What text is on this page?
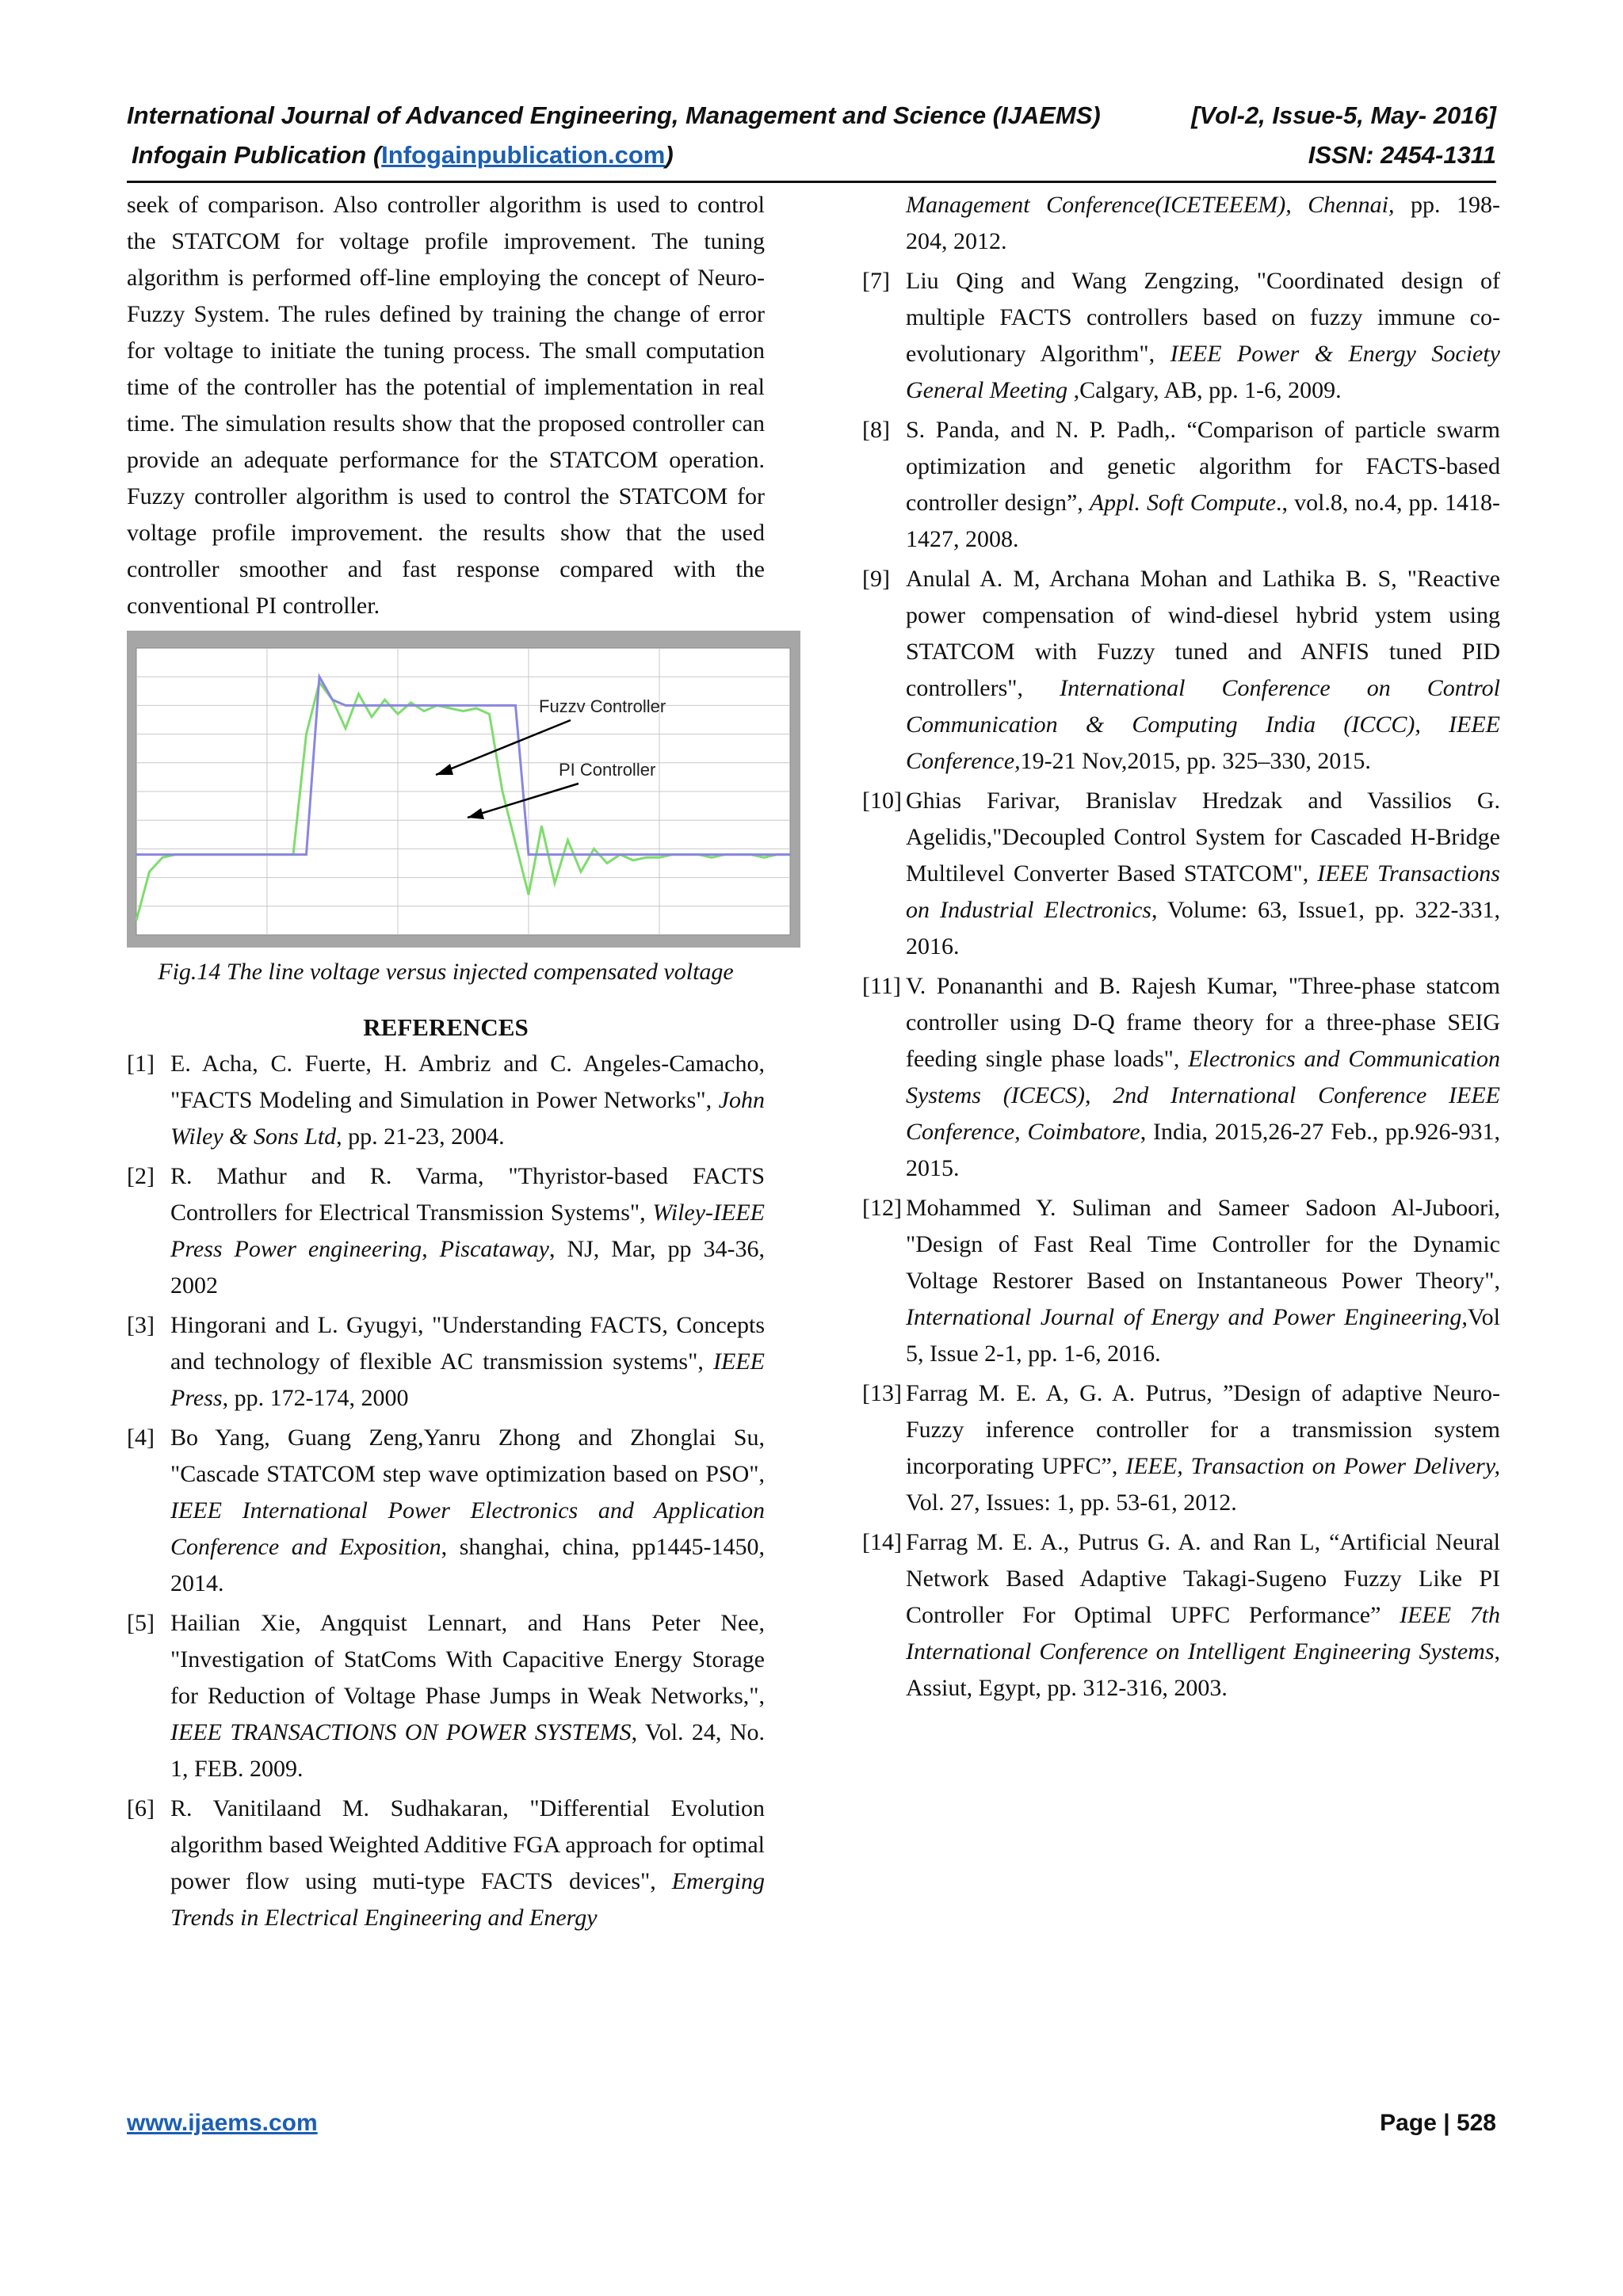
International Journal of Advanced Engineering, Management and Science (IJAEMS)	[Vol-2, Issue-5, May- 2016]
Infogain Publication (Infogainpublication.com)	ISSN: 2454-1311

seek of comparison. Also controller algorithm is used to control the STATCOM for voltage profile improvement. The tuning algorithm is performed off-line employing the concept of Neuro-Fuzzy System. The rules defined by training the change of error for voltage to initiate the tuning process. The small computation time of the controller has the potential of implementation in real time. The simulation results show that the proposed controller can provide an adequate performance for the STATCOM operation. Fuzzy controller algorithm is used to control the STATCOM for voltage profile improvement. the results show that the used controller smoother and fast response compared with the conventional PI controller.

Fuzzv Controller
PI Controller

Fig.14 The line voltage versus injected compensated voltage

REFERENCES

[1] E. Acha, C. Fuerte, H. Ambriz and C. Angeles-Camacho, "FACTS Modeling and Simulation in Power Networks", John Wiley & Sons Ltd, pp. 21-23, 2004.

[2] R. Mathur and R. Varma, "Thyristor-based FACTS Controllers for Electrical Transmission Systems", Wiley-IEEE Press Power engineering, Piscataway, NJ, Mar, pp 34-36, 2002

[3] Hingorani and L. Gyugyi, "Understanding FACTS, Concepts and technology of flexible AC transmission systems", IEEE Press, pp. 172-174, 2000

[4] Bo Yang, Guang Zeng,Yanru Zhong and Zhonglai Su, "Cascade STATCOM step wave optimization based on PSO", IEEE International Power Electronics and Application Conference and Exposition, shanghai, china, pp1445-1450, 2014.

[5] Hailian Xie, Angquist Lennart, and Hans Peter Nee, "Investigation of StatComs With Capacitive Energy Storage for Reduction of Voltage Phase Jumps in Weak Networks,", IEEE TRANSACTIONS ON POWER SYSTEMS, Vol. 24, No. 1, FEB. 2009.

[6] R. Vanitilaand M. Sudhakaran, "Differential Evolution algorithm based Weighted Additive FGA approach for optimal power flow using muti-type FACTS devices", Emerging Trends in Electrical Engineering and Energy

Management Conference(ICETEEEM), Chennai, pp. 198-204, 2012.

[7] Liu Qing and Wang Zengzing, "Coordinated design of multiple FACTS controllers based on fuzzy immune co-evolutionary Algorithm", IEEE Power & Energy Society General Meeting ,Calgary, AB, pp. 1-6, 2009.

[8] S. Panda, and N. P. Padh,. “Comparison of particle swarm optimization and genetic algorithm for FACTS-based controller design”, Appl. Soft Compute., vol.8, no.4, pp. 1418-1427, 2008.

[9] Anulal A. M, Archana Mohan and Lathika B. S, "Reactive power compensation of wind-diesel hybrid ystem using STATCOM with Fuzzy tuned and ANFIS tuned PID controllers", International Conference on Control Communication & Computing India (ICCC), IEEE Conference,19-21 Nov,2015, pp. 325–330, 2015.

[10] Ghias Farivar, Branislav Hredzak and Vassilios G. Agelidis,"Decoupled Control System for Cascaded H-Bridge Multilevel Converter Based STATCOM", IEEE Transactions on Industrial Electronics, Volume: 63, Issue1, pp. 322-331, 2016.

[11] V. Ponananthi and B. Rajesh Kumar, "Three-phase statcom controller using D-Q frame theory for a three-phase SEIG feeding single phase loads", Electronics and Communication Systems (ICECS), 2nd International Conference IEEE Conference, Coimbatore, India, 2015,26-27 Feb., pp.926-931, 2015.

[12] Mohammed Y. Suliman and Sameer Sadoon Al-Juboori, "Design of Fast Real Time Controller for the Dynamic Voltage Restorer Based on Instantaneous Power Theory", International Journal of Energy and Power Engineering,Vol 5, Issue 2-1, pp. 1-6, 2016.

[13] Farrag M. E. A, G. A. Putrus, ”Design of adaptive Neuro-Fuzzy inference controller for a transmission system incorporating UPFC”, IEEE, Transaction on Power Delivery, Vol. 27, Issues: 1, pp. 53-61, 2012.

[14] Farrag M. E. A., Putrus G. A. and Ran L, “Artificial Neural Network Based Adaptive Takagi-Sugeno Fuzzy Like PI Controller For Optimal UPFC Performance” IEEE 7th International Conference on Intelligent Engineering Systems, Assiut, Egypt, pp. 312-316, 2003.

www.ijaems.com	Page | 528
